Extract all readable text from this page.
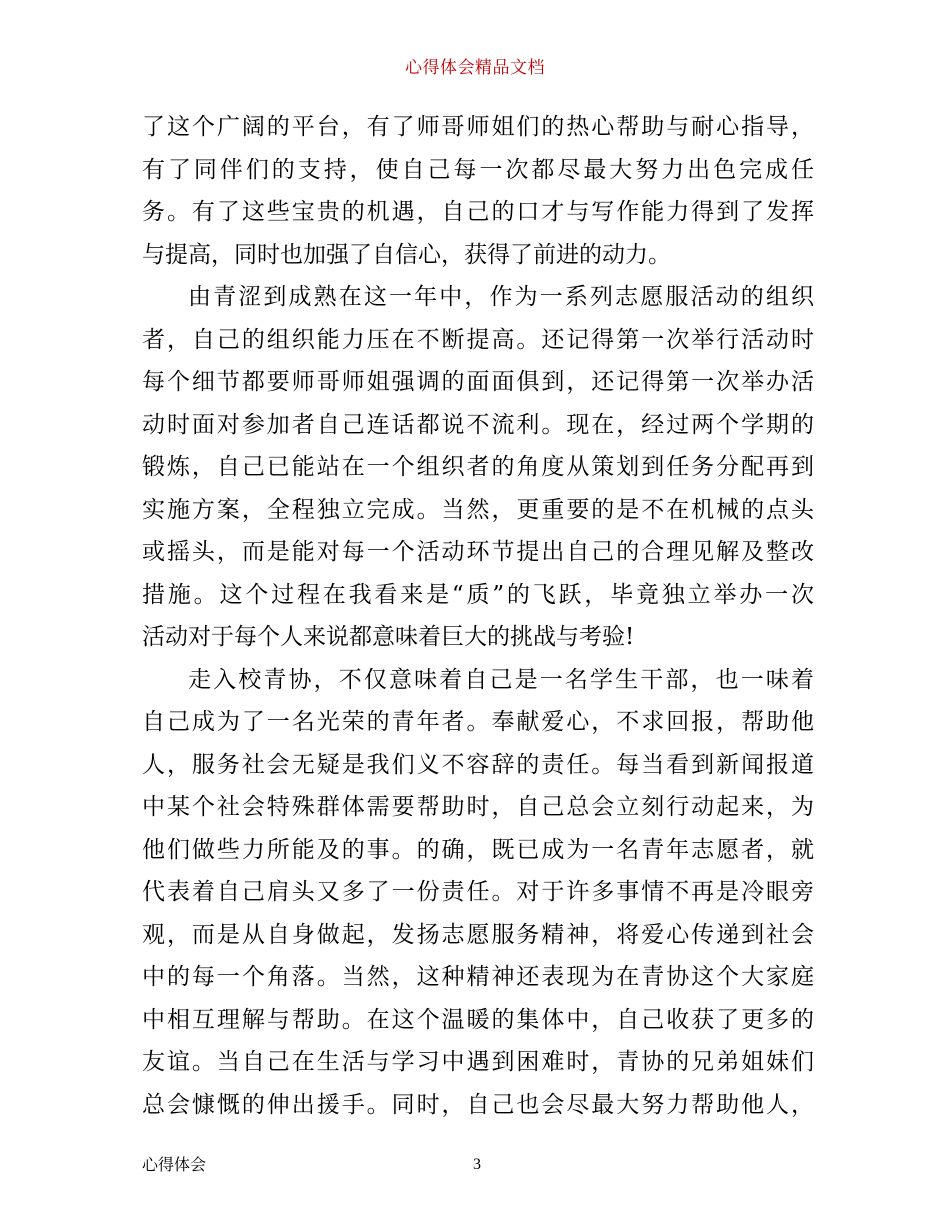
心得体会精品文档
了这个广阔的平台，有了师哥师姐们的热心帮助与耐心指导，
有了同伴们的支持，使自己每一次都尽最大努力出色完成任
务。有了这些宝贵的机遇，自己的口才与写作能力得到了发挥
与提高，同时也加强了自信心，获得了前进的动力。
由青涩到成熟在这一年中，作为一系列志愿服活动的组织
者，自己的组织能力压在不断提高。还记得第一次举行活动时
每个细节都要师哥师姐强调的面面俱到，还记得第一次举办活
动时面对参加者自己连话都说不流利。现在，经过两个学期的
锻炼，自己已能站在一个组织者的角度从策划到任务分配再到
实施方案，全程独立完成。当然，更重要的是不在机械的点头
或摇头，而是能对每一个活动环节提出自己的合理见解及整改
措施。这个过程在我看来是“质”的飞跃，毕竟独立举办一次
活动对于每个人来说都意味着巨大的挑战与考验!
走入校青协，不仅意味着自己是一名学生干部，也一味着
自己成为了一名光荣的青年者。奉献爱心，不求回报，帮助他
人，服务社会无疑是我们义不容辞的责任。每当看到新闻报道
中某个社会特殊群体需要帮助时，自己总会立刻行动起来，为
他们做些力所能及的事。的确，既已成为一名青年志愿者，就
代表着自己肩头又多了一份责任。对于许多事情不再是冷眼旁
观，而是从自身做起，发扬志愿服务精神，将爱心传递到社会
中的每一个角落。当然，这种精神还表现为在青协这个大家庭
中相互理解与帮助。在这个温暖的集体中，自己收获了更多的
友谊。当自己在生活与学习中遇到困难时，青协的兄弟姐妹们
总会慷慨的伸出援手。同时，自己也会尽最大努力帮助他人，
心得体会	3
